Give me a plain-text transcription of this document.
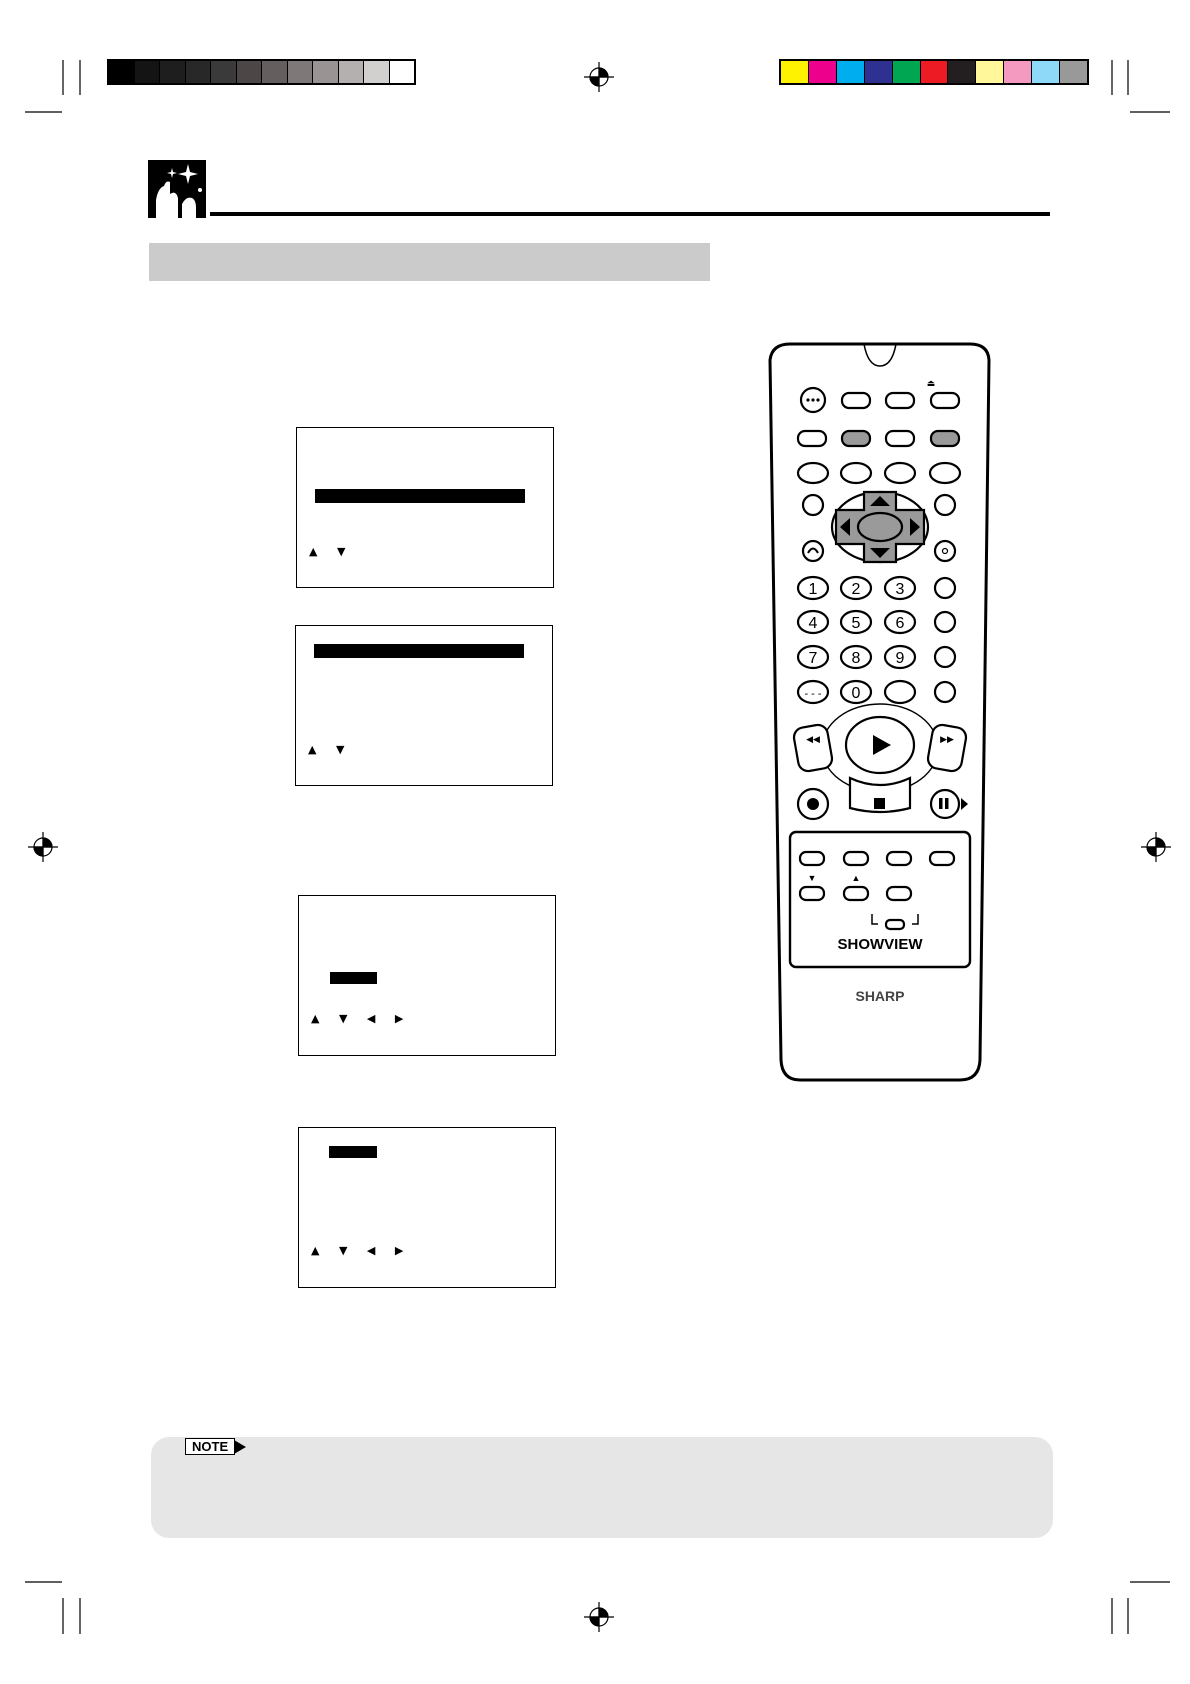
▲ ▼
▲ ▼
▲ ▼ ◀ ▶
▲ ▼ ◀ ▶
⏏
1 2 3
4 5 6
7 8 9
- - - 0
◀◀	▶▶
▼	▲
SHOWVIEW
SHARP
NOTE
